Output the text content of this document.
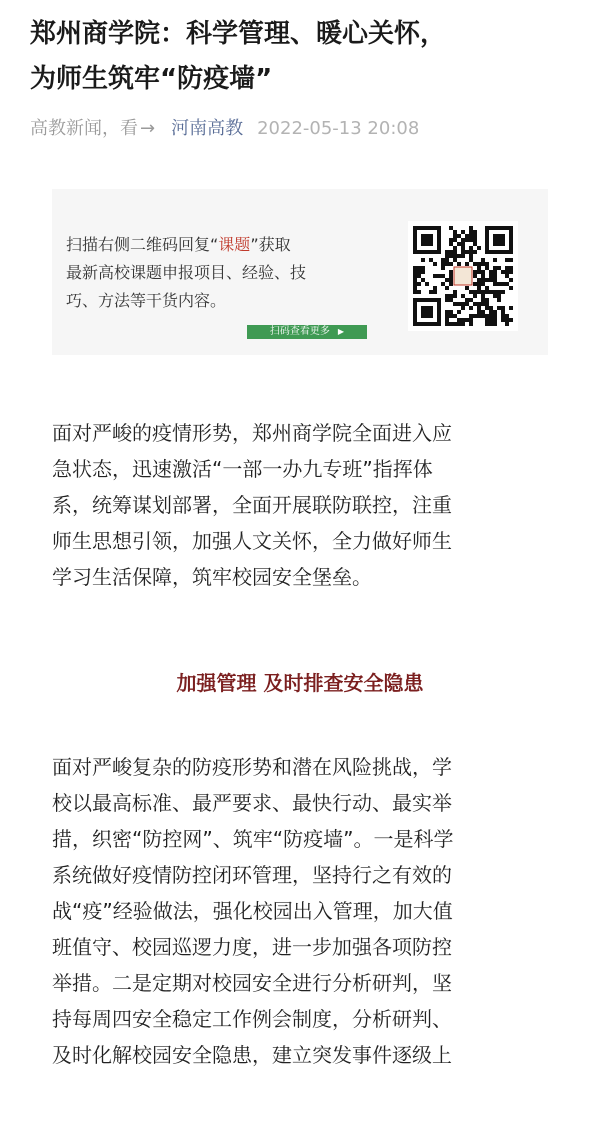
郑州商学院：科学管理、暖心关怀，
为师生筑牢“防疫墙”
高教新闻，看 → 河南高教 2022-05-13 20:08
扫描右侧二维码回复“课题”获取
最新高校课题申报项目、经验、技
巧、方法等干货内容。
扫码查看更多 ▶
面对严峻的疫情形势，郑州商学院全面进入应
急状态，迅速激活“一部一办九专班”指挥体
系，统筹谋划部署，全面开展联防联控，注重
师生思想引领，加强人文关怀，全力做好师生
学习生活保障，筑牢校园安全堡垒。
加强管理 及时排查安全隐患
面对严峻复杂的防疫形势和潜在风险挑战，学
校以最高标准、最严要求、最快行动、最实举
措，织密“防控网”、筑牢“防疫墙”。一是科学
系统做好疫情防控闭环管理，坚持行之有效的
战“疫”经验做法，强化校园出入管理，加大值
班值守、校园巡逻力度，进一步加强各项防控
举措。二是定期对校园安全进行分析研判，坚
持每周四安全稳定工作例会制度，分析研判、
及时化解校园安全隐患，建立突发事件逐级上
